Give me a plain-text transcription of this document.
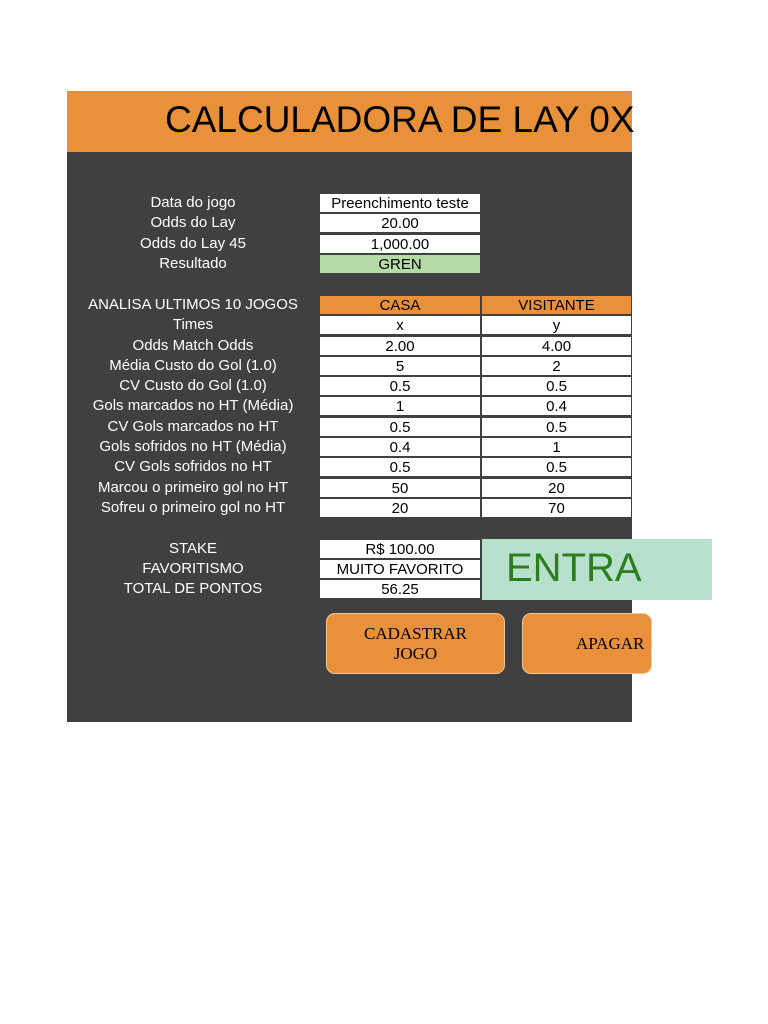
CALCULADORA DE LAY 0X
Data do jogo	Preenchimento teste
Odds do Lay	20.00
Odds do Lay 45	1,000.00
Resultado	GREN
ANALISA ULTIMOS 10 JOGOS	CASA	VISITANTE
Times	x	y
Odds Match Odds	2.00	4.00
Média Custo do Gol (1.0)	5	2
CV Custo do Gol (1.0)	0.5	0.5
Gols marcados no HT (Média)	1	0.4
CV Gols marcados no HT	0.5	0.5
Gols sofridos no HT (Média)	0.4	1
CV Gols sofridos no HT	0.5	0.5
Marcou o primeiro gol no HT	50	20
Sofreu o primeiro gol no HT	20	70
STAKE	R$ 100.00
FAVORITISMO	MUITO FAVORITO
TOTAL DE PONTOS	56.25
CADASTRAR
JOGO
APAGAR
ENTRA
